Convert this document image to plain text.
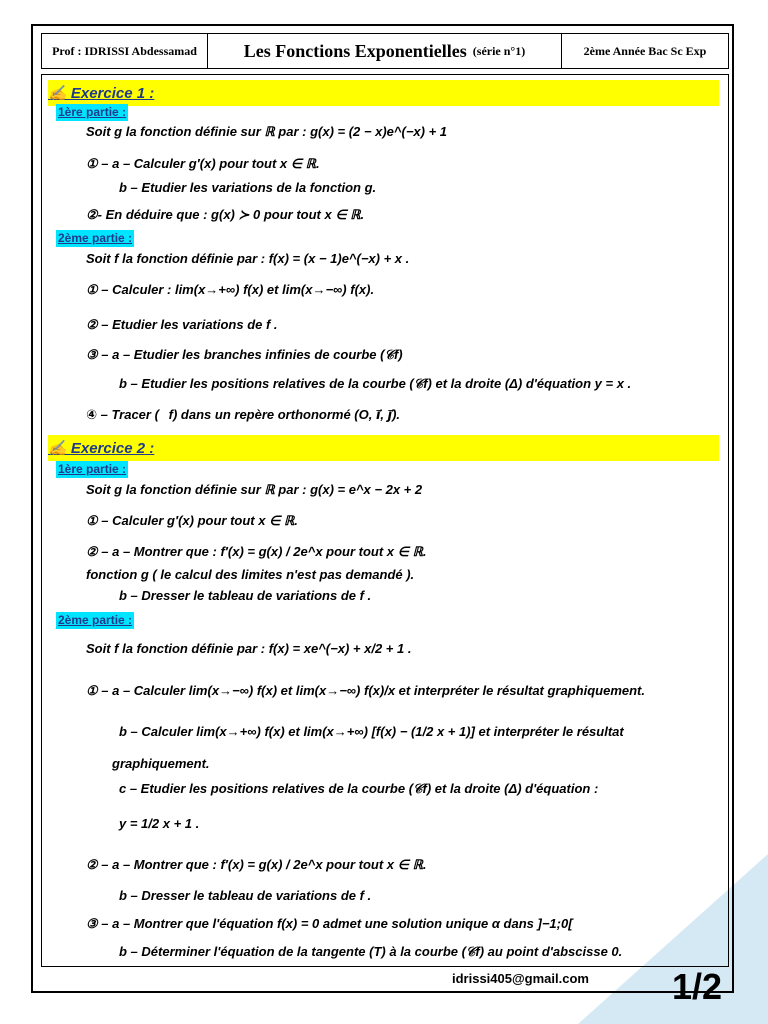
Prof : IDRISSI Abdessamad	Les Fonctions Exponentielles (série n°1)	2ème Année Bac Sc Exp
✍ Exercice 1 :
1ère partie :
Soit g la fonction définie sur ℝ par : g(x) = (2 − x)e^(−x) + 1
① – a – Calculer g′(x) pour tout x ∈ ℝ.
b – Etudier les variations de la fonction g.
②- En déduire que : g(x) ≻ 0 pour tout x ∈ ℝ.
2ème partie :
Soit f la fonction définie par : f(x) = (x − 1)e^(−x) + x .
① – Calculer : lim(x→+∞) f(x) et lim(x→−∞) f(x).
② – Etudier les variations de f .
③ – a – Etudier les branches infinies de courbe (𝒞f)
b – Etudier les positions relatives de la courbe (𝒞f) et la droite (Δ) d'équation y = x .
④ – Tracer (𝒞f) dans un repère orthonormé (O, i⃗, j⃗).
✍ Exercice 2 :
1ère partie :
Soit g la fonction définie sur ℝ par : g(x) = e^x − 2x + 2
① – Calculer g′(x) pour tout x ∈ ℝ.
② – a – Montrer que : f′(x) = g(x) / 2e^x pour tout x ∈ ℝ.
fonction g ( le calcul des limites n'est pas demandé ).
b – Dresser le tableau de variations de f .
2ème partie :
Soit f la fonction définie par : f(x) = xe^(−x) + x/2 + 1 .
① – a – Calculer lim(x→−∞) f(x) et lim(x→−∞) f(x)/x et interpréter le résultat graphiquement.
b – Calculer lim(x→+∞) f(x) et lim(x→+∞) [f(x) − (1/2 x + 1)] et interpréter le résultat
graphiquement.
c – Etudier les positions relatives de la courbe (𝒞f) et la droite (Δ) d'équation :
y = 1/2 x + 1 .
② – a – Montrer que : f′(x) = g(x) / 2e^x pour tout x ∈ ℝ.
b – Dresser le tableau de variations de f .
③ – a – Montrer que l'équation f(x) = 0 admet une solution unique α dans ]−1;0[
b – Déterminer l'équation de la tangente (T) à la courbe (𝒞f) au point d'abscisse 0.
idrissi405@gmail.com 1/2
